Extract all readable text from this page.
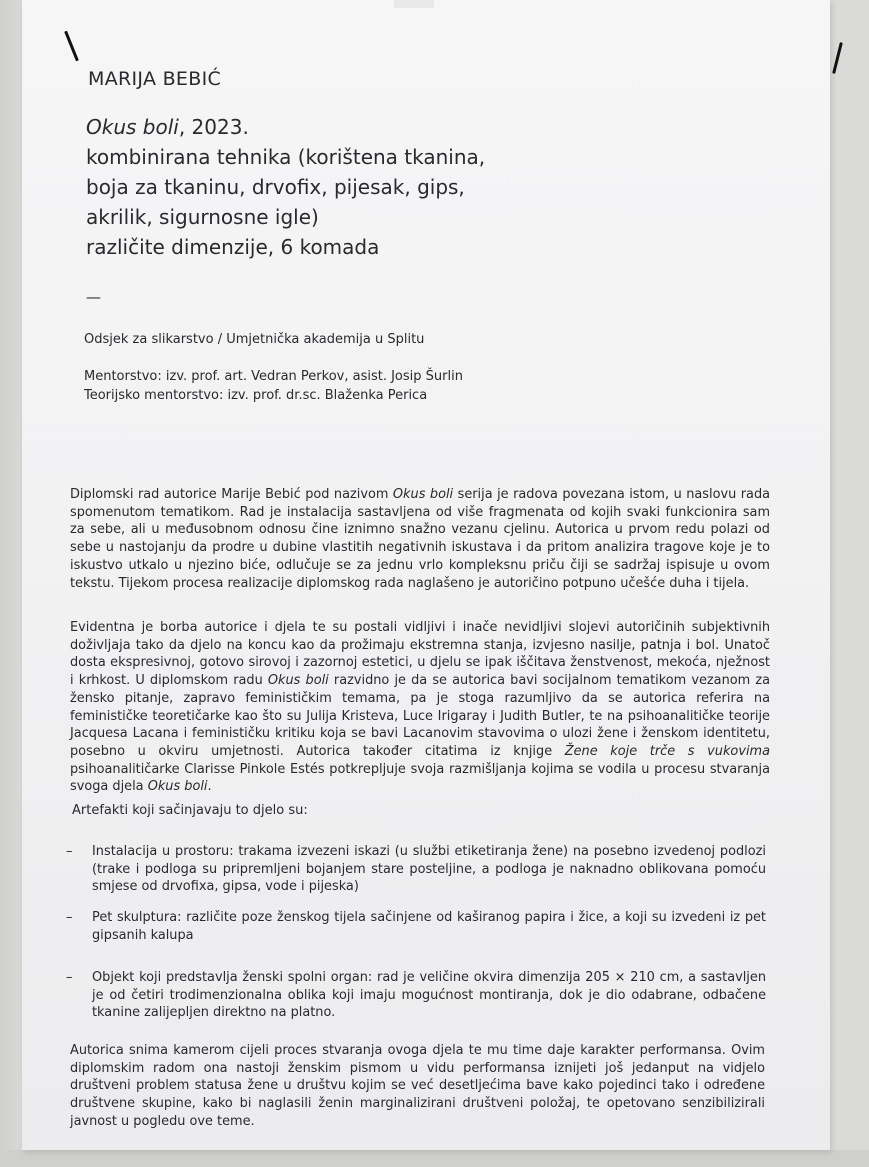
MARIJA BEBIĆ
Okus boli, 2023.
kombinirana tehnika (korištena tkanina,
boja za tkaninu, drvofix, pijesak, gips,
akrilik, sigurnosne igle)
različite dimenzije, 6 komada
—
Odsjek za slikarstvo / Umjetnička akademija u Splitu
Mentorstvo: izv. prof. art. Vedran Perkov, asist. Josip Šurlin
Teorijsko mentorstvo: izv. prof. dr.sc. Blaženka Perica
Diplomski rad autorice Marije Bebić pod nazivom Okus boli serija je radova povezana istom, u naslovu rada spomenutom tematikom. Rad je instalacija sastavljena od više fragmenata od kojih svaki funkcionira sam za sebe, ali u međusobnom odnosu čine iznimno snažno vezanu cjelinu. Autorica u prvom redu polazi od sebe u nastojanju da prodre u dubine vlastitih negativnih iskustava i da pritom analizira tragove koje je to iskustvo utkalo u njezino biće, odlučuje se za jednu vrlo kompleksnu priču čiji se sadržaj ispisuje u ovom tekstu. Tijekom procesa realizacije diplomskog rada naglašeno je autoričino potpuno učešće duha i tijela.
Evidentna je borba autorice i djela te su postali vidljivi i inače nevidljivi slojevi autoričinih subjektivnih doživljaja tako da djelo na koncu kao da prožimaju ekstremna stanja, izvjesno nasilje, patnja i bol. Unatoč dosta ekspresivnoj, gotovo sirovoj i zazornoj estetici, u djelu se ipak iščitava ženstvenost, mekoća, nježnost i krhkost. U diplomskom radu Okus boli razvidno je da se autorica bavi socijalnom tematikom vezanom za žensko pitanje, zapravo feminističkim temama, pa je stoga razumljivo da se autorica referira na feminističke teoretičarke kao što su Julija Kristeva, Luce Irigaray i Judith Butler, te na psihoanalitičke teorije Jacquesa Lacana i feminističku kritiku koja se bavi Lacanovim stavovima o ulozi žene i ženskom identitetu, posebno u okviru umjetnosti. Autorica također citatima iz knjige Žene koje trče s vukovima psihoanalitičarke Clarisse Pinkole Estés potkrepljuje svoja razmišljanja kojima se vodila u procesu stvaranja svoga djela Okus boli.
Artefakti koji sačinjavaju to djelo su:
–	Instalacija u prostoru: trakama izvezeni iskazi (u službi etiketiranja žene) na posebno izvedenoj podlozi (trake i podloga su pripremljeni bojanjem stare posteljine, a podloga je naknadno oblikovana pomoću smjese od drvofixa, gipsa, vode i pijeska)
–	Pet skulptura: različite poze ženskog tijela sačinjene od kaširanog papira i žice, a koji su izvedeni iz pet gipsanih kalupa
–	Objekt koji predstavlja ženski spolni organ: rad je veličine okvira dimenzija 205 × 210 cm, a sastavljen je od četiri trodimenzionalna oblika koji imaju mogućnost montiranja, dok je dio odabrane, odbačene tkanine zalijepljen direktno na platno.
Autorica snima kamerom cijeli proces stvaranja ovoga djela te mu time daje karakter performansa. Ovim diplomskim radom ona nastoji ženskim pismom u vidu performansa iznijeti još jedanput na vidjelo društveni problem statusa žene u društvu kojim se već desetljećima bave kako pojedinci tako i određene društvene skupine, kako bi naglasili ženin marginalizirani društveni položaj, te opetovano senzibilizirali javnost u pogledu ove teme.
